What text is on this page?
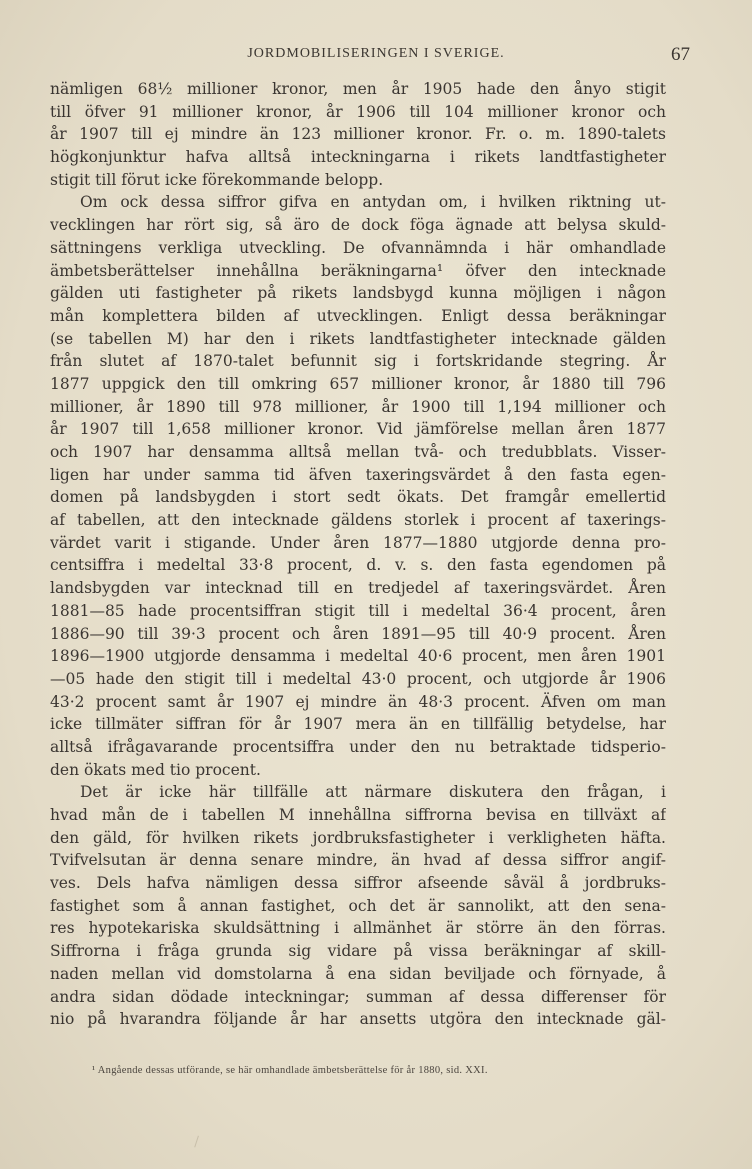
JORDMOBILISERINGEN I SVERIGE.	67
nämligen 68½ millioner kronor, men år 1905 hade den ånyo stigit
till öfver 91 millioner kronor, år 1906 till 104 millioner kronor och
år 1907 till ej mindre än 123 millioner kronor. Fr. o. m. 1890-talets
högkonjunktur hafva alltså inteckningarna i rikets landtfastigheter
stigit till förut icke förekommande belopp.
Om ock dessa siffror gifva en antydan om, i hvilken riktning ut-
vecklingen har rört sig, så äro de dock föga ägnade att belysa skuld-
sättningens verkliga utveckling. De ofvannämnda i här omhandlade
ämbetsberättelser innehållna beräkningarna¹ öfver den intecknade
gälden uti fastigheter på rikets landsbygd kunna möjligen i någon
mån komplettera bilden af utvecklingen. Enligt dessa beräkningar
(se tabellen M) har den i rikets landtfastigheter intecknade gälden
från slutet af 1870-talet befunnit sig i fortskridande stegring. År
1877 uppgick den till omkring 657 millioner kronor, år 1880 till 796
millioner, år 1890 till 978 millioner, år 1900 till 1,194 millioner och
år 1907 till 1,658 millioner kronor. Vid jämförelse mellan åren 1877
och 1907 har densamma alltså mellan två- och tredubblats. Visser-
ligen har under samma tid äfven taxeringsvärdet å den fasta egen-
domen på landsbygden i stort sedt ökats. Det framgår emellertid
af tabellen, att den intecknade gäldens storlek i procent af taxerings-
värdet varit i stigande. Under åren 1877—1880 utgjorde denna pro-
centsiffra i medeltal 33·8 procent, d. v. s. den fasta egendomen på
landsbygden var intecknad till en tredjedel af taxeringsvärdet. Åren
1881—85 hade procentsiffran stigit till i medeltal 36·4 procent, åren
1886—90 till 39·3 procent och åren 1891—95 till 40·9 procent. Åren
1896—1900 utgjorde densamma i medeltal 40·6 procent, men åren 1901
—05 hade den stigit till i medeltal 43·0 procent, och utgjorde år 1906
43·2 procent samt år 1907 ej mindre än 48·3 procent. Äfven om man
icke tillmäter siffran för år 1907 mera än en tillfällig betydelse, har
alltså ifrågavarande procentsiffra under den nu betraktade tidsperio-
den ökats med tio procent.
Det är icke här tillfälle att närmare diskutera den frågan, i
hvad mån de i tabellen M innehållna siffrorna bevisa en tillväxt af
den gäld, för hvilken rikets jordbruksfastigheter i verkligheten häfta.
Tvifvelsutan är denna senare mindre, än hvad af dessa siffror angif-
ves. Dels hafva nämligen dessa siffror afseende såväl å jordbruks-
fastighet som å annan fastighet, och det är sannolikt, att den sena-
res hypotekariska skuldsättning i allmänhet är större än den förras.
Siffrorna i fråga grunda sig vidare på vissa beräkningar af skill-
naden mellan vid domstolarna å ena sidan beviljade och förnyade, å
andra sidan dödade inteckningar; summan af dessa differenser för
nio på hvarandra följande år har ansetts utgöra den intecknade gäl-
¹ Angående dessas utförande, se här omhandlade ämbetsberättelse för år 1880, sid. XXI.
